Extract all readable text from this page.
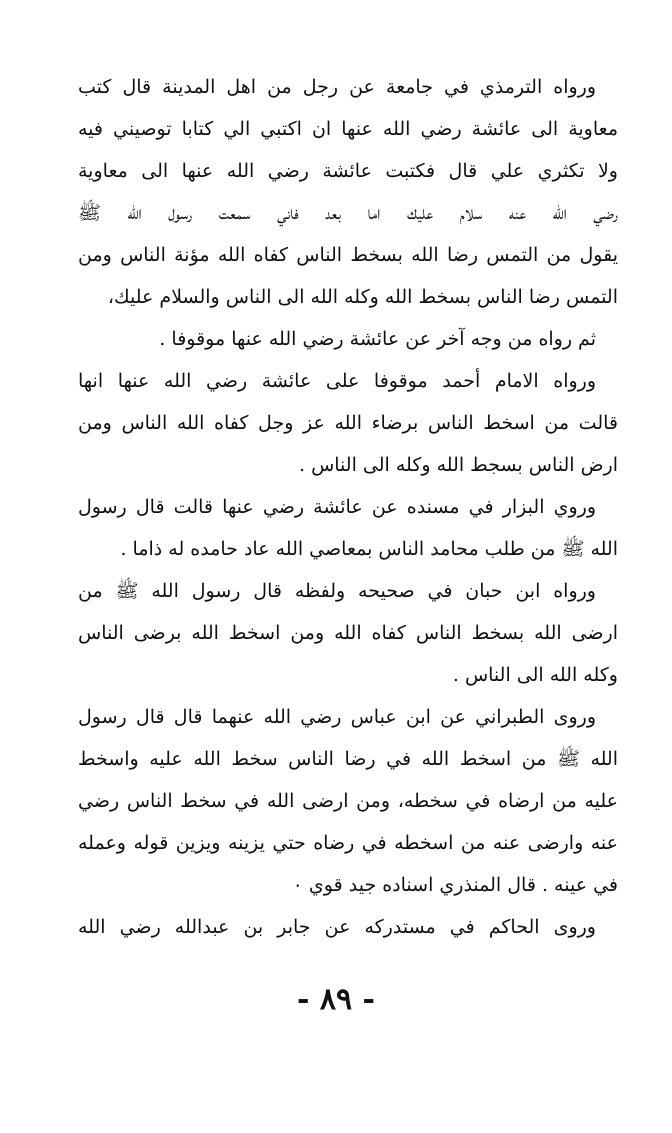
ورواه الترمذي في جامعة عن رجل من اهل المدينة قال كتب
معاوية الى عائشة رضي الله عنها ان اكتبي الي كتابا توصيني فيه
ولا تكثري علي قال فكتبت عائشة رضي الله عنها الى معاوية
رضي الله عنه سلام عليك اما بعد فاني سمعت رسول الله ﷺ
يقول من التمس رضا الله بسخط الناس كفاه الله مؤنة الناس ومن
التمس رضا الناس بسخط الله وكله الله الى الناس والسلام عليك،
ثم رواه من وجه آخر عن عائشة رضي الله عنها موقوفا .
ورواه الامام أحمد موقوفا على عائشة رضي الله عنها انها
قالت من اسخط الناس برضاء الله عز وجل كفاه الله الناس ومن
ارض الناس بسجط الله وكله الى الناس .
وروي البزار في مسنده عن عائشة رضي عنها قالت قال رسول
الله ﷺ من طلب محامد الناس بمعاصي الله عاد حامده له ذاما .
ورواه ابن حبان في صحيحه ولفظه قال رسول الله ﷺ من
ارضى الله بسخط الناس كفاه الله ومن اسخط الله برضى الناس
وكله الله الى الناس .
وروى الطبراني عن ابن عباس رضي الله عنهما قال قال رسول
الله ﷺ من اسخط الله في رضا الناس سخط الله عليه واسخط
عليه من ارضاه في سخطه، ومن ارضى الله في سخط الناس رضي
عنه وارضى عنه من اسخطه في رضاه حتي يزينه ويزين قوله وعمله
في عينه . قال المنذري اسناده جيد قوي ٠
وروى الحاكم في مستدركه عن جابر بن عبدالله رضي الله
- ٨٩ -
